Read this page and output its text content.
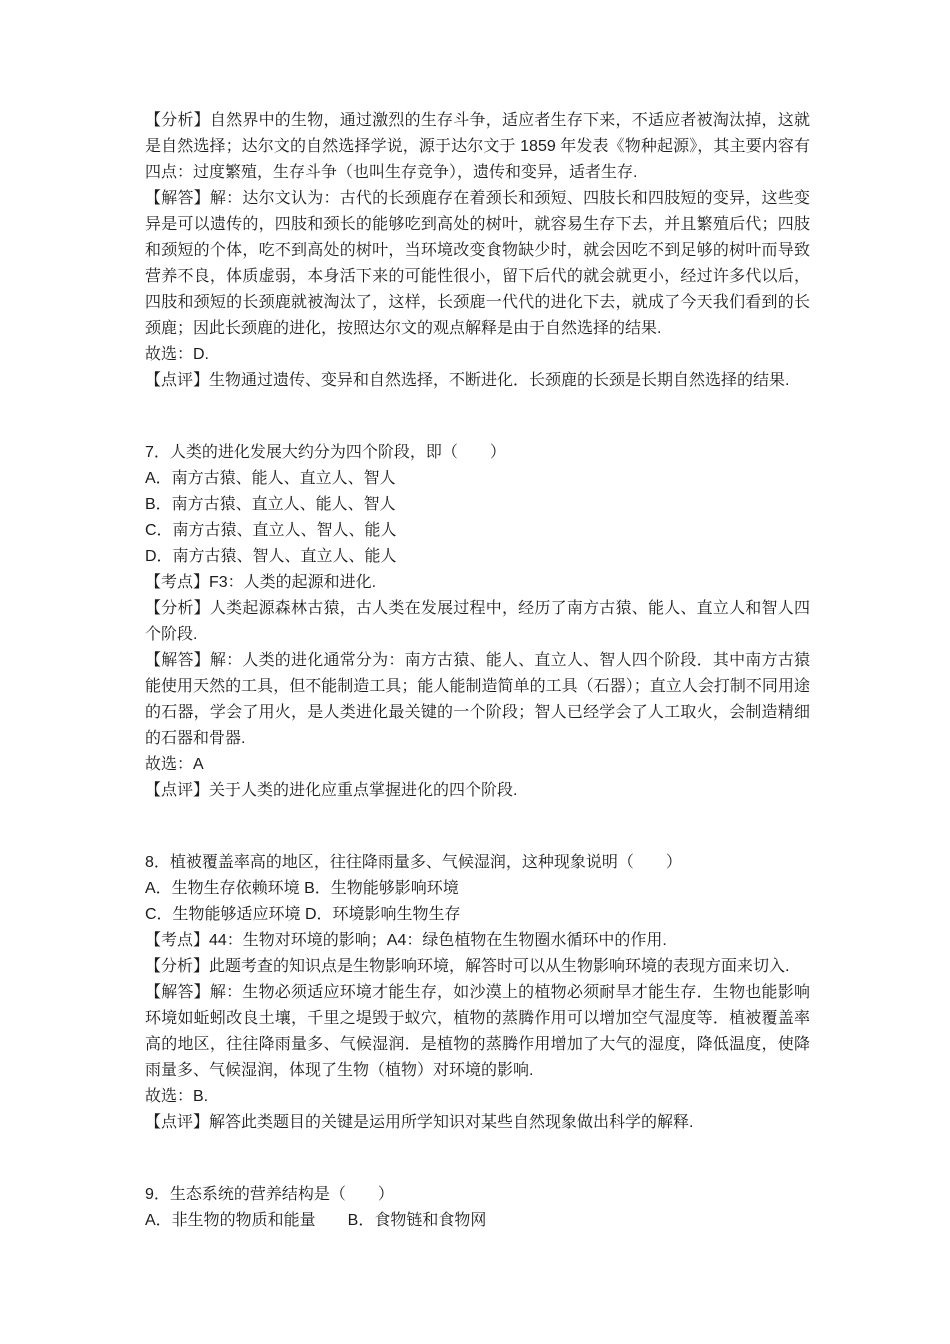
【分析】自然界中的生物，通过激烈的生存斗争，适应者生存下来，不适应者被淘汰掉，这就是自然选择；达尔文的自然选择学说，源于达尔文于 1859 年发表《物种起源》，其主要内容有四点：过度繁殖，生存斗争（也叫生存竞争），遗传和变异，适者生存.

【解答】解：达尔文认为：古代的长颈鹿存在着颈长和颈短、四肢长和四肢短的变异，这些变异是可以遗传的，四肢和颈长的能够吃到高处的树叶，就容易生存下去，并且繁殖后代；四肢和颈短的个体，吃不到高处的树叶，当环境改变食物缺少时，就会因吃不到足够的树叶而导致营养不良，体质虚弱，本身活下来的可能性很小，留下后代的就会就更小，经过许多代以后，四肢和颈短的长颈鹿就被淘汰了，这样，长颈鹿一代代的进化下去，就成了今天我们看到的长颈鹿；因此长颈鹿的进化，按照达尔文的观点解释是由于自然选择的结果.

故选：D.

【点评】生物通过遗传、变异和自然选择，不断进化．长颈鹿的长颈是长期自然选择的结果.

7．人类的进化发展大约分为四个阶段，即（　　）

A．南方古猿、能人、直立人、智人

B．南方古猿、直立人、能人、智人

C．南方古猿、直立人、智人、能人

D．南方古猿、智人、直立人、能人

【考点】F3：人类的起源和进化.

【分析】人类起源森林古猿，古人类在发展过程中，经历了南方古猿、能人、直立人和智人四个阶段.

【解答】解：人类的进化通常分为：南方古猿、能人、直立人、智人四个阶段．其中南方古猿能使用天然的工具，但不能制造工具；能人能制造简单的工具（石器）；直立人会打制不同用途的石器，学会了用火，是人类进化最关键的一个阶段；智人已经学会了人工取火，会制造精细的石器和骨器.

故选：A

【点评】关于人类的进化应重点掌握进化的四个阶段.

8．植被覆盖率高的地区，往往降雨量多、气候湿润，这种现象说明（　　）

A．生物生存依赖环境 B．生物能够影响环境

C．生物能够适应环境 D．环境影响生物生存

【考点】44：生物对环境的影响；A4：绿色植物在生物圈水循环中的作用.

【分析】此题考查的知识点是生物影响环境，解答时可以从生物影响环境的表现方面来切入.

【解答】解：生物必须适应环境才能生存，如沙漠上的植物必须耐旱才能生存．生物也能影响环境如蚯蚓改良土壤，千里之堤毁于蚁穴，植物的蒸腾作用可以增加空气湿度等．植被覆盖率高的地区，往往降雨量多、气候湿润．是植物的蒸腾作用增加了大气的湿度，降低温度，使降雨量多、气候湿润，体现了生物（植物）对环境的影响.

故选：B.

【点评】解答此类题目的关键是运用所学知识对某些自然现象做出科学的解释.

9．生态系统的营养结构是（　　）

A．非生物的物质和能量　　B．食物链和食物网
